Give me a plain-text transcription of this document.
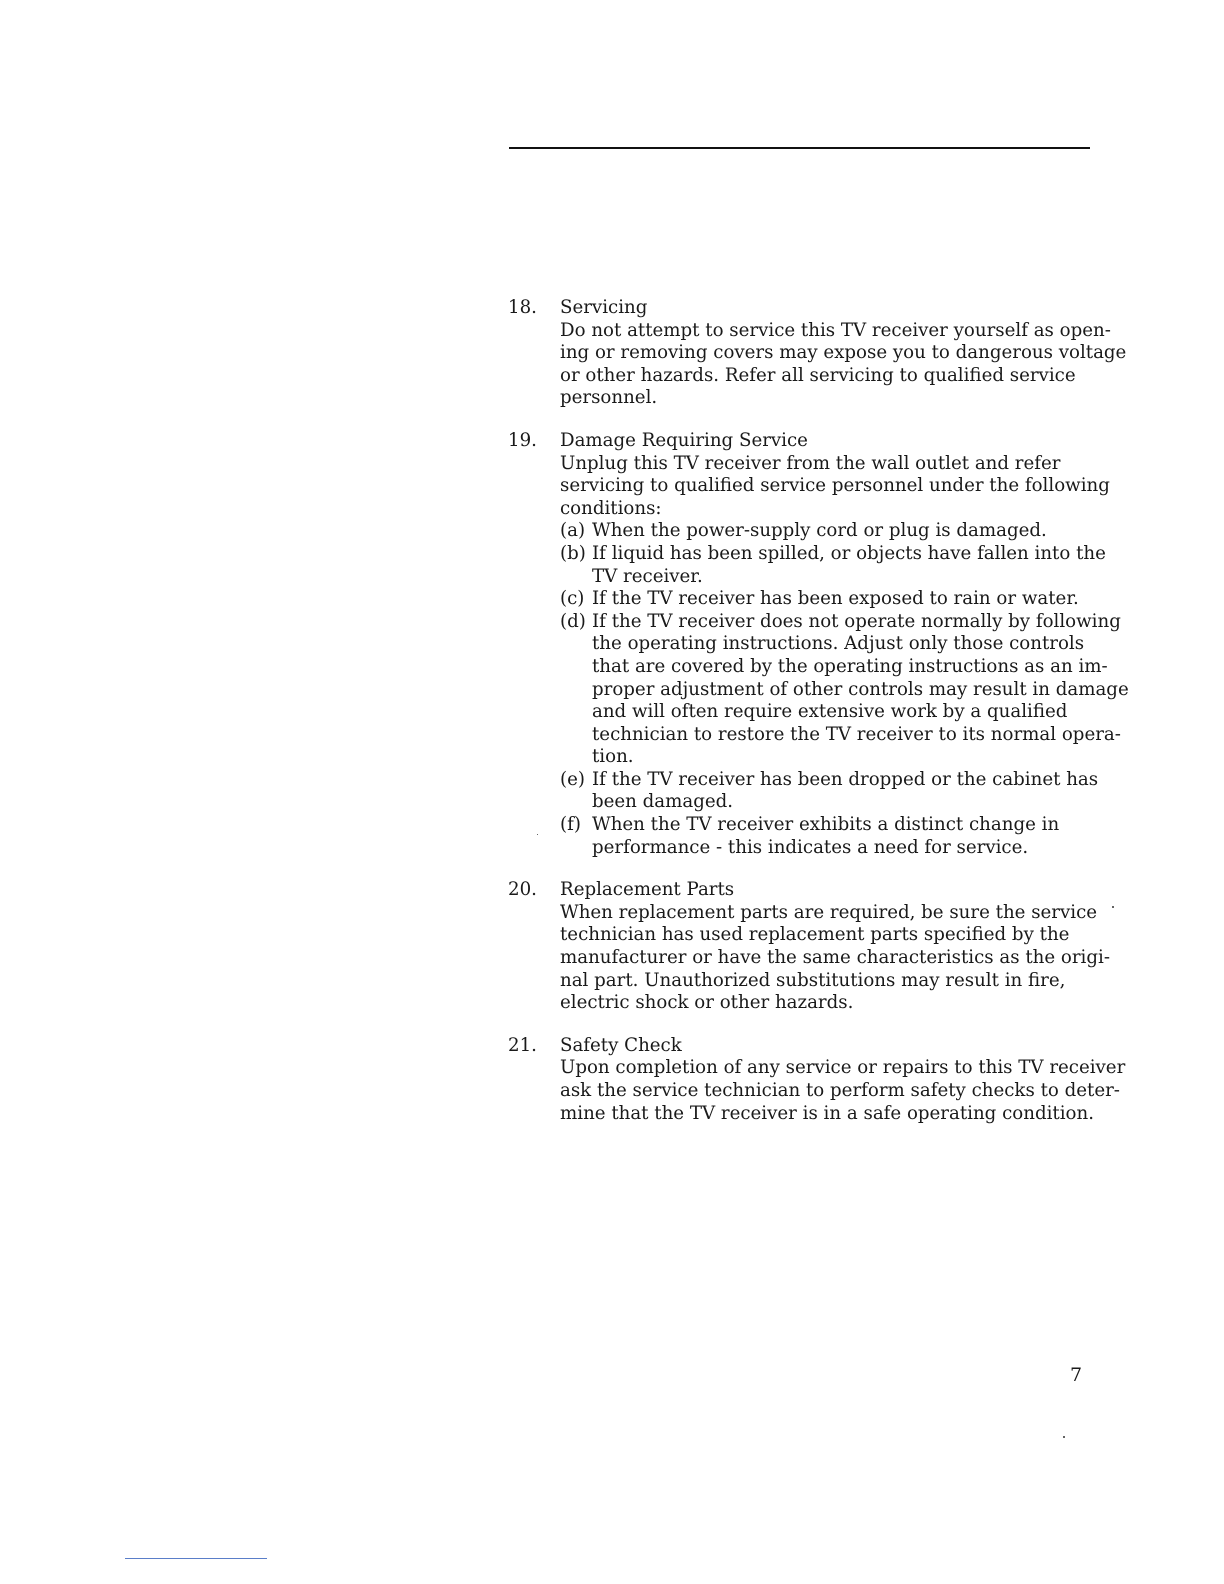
18. Servicing
Do not attempt to service this TV receiver yourself as open-
ing or removing covers may expose you to dangerous voltage
or other hazards. Refer all servicing to qualified service
personnel.
19. Damage Requiring Service
Unplug this TV receiver from the wall outlet and refer
servicing to qualified service personnel under the following
conditions:
(a) When the power-supply cord or plug is damaged.
(b) If liquid has been spilled, or objects have fallen into the
TV receiver.
(c) If the TV receiver has been exposed to rain or water.
(d) If the TV receiver does not operate normally by following
the operating instructions. Adjust only those controls
that are covered by the operating instructions as an im-
proper adjustment of other controls may result in damage
and will often require extensive work by a qualified
technician to restore the TV receiver to its normal opera-
tion.
(e) If the TV receiver has been dropped or the cabinet has
been damaged.
(f) When the TV receiver exhibits a distinct change in
performance - this indicates a need for service.
20. Replacement Parts
When replacement parts are required, be sure the service
technician has used replacement parts specified by the
manufacturer or have the same characteristics as the origi-
nal part. Unauthorized substitutions may result in fire,
electric shock or other hazards.
21. Safety Check
Upon completion of any service or repairs to this TV receiver
ask the service technician to perform safety checks to deter-
mine that the TV receiver is in a safe operating condition.
7
